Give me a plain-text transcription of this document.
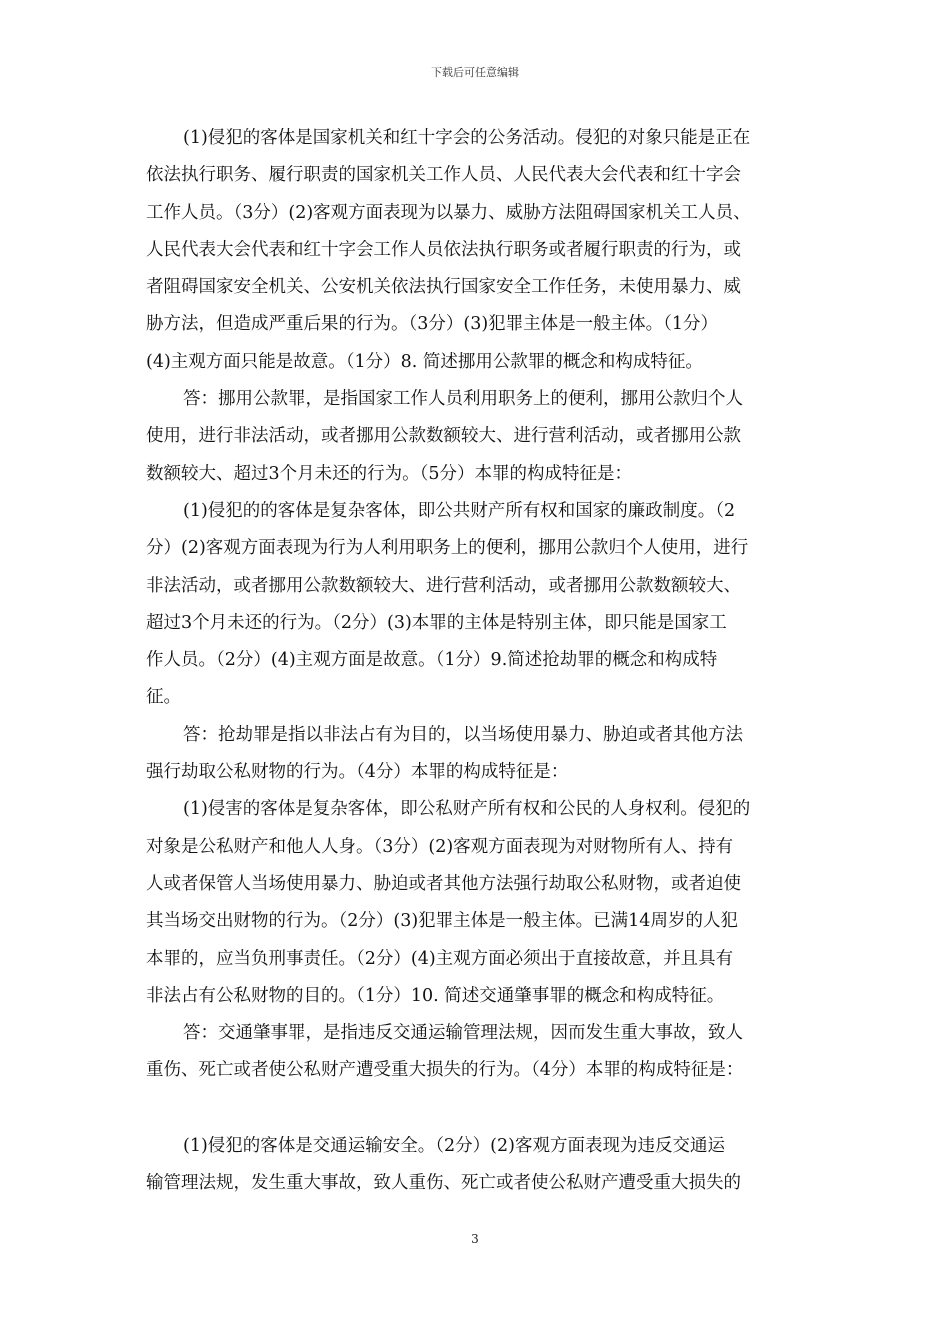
下载后可任意编辑
(1)侵犯的客体是国家机关和红十字会的公务活动。侵犯的对象只能是正在
依法执行职务、履行职责的国家机关工作人员、人民代表大会代表和红十字会
工作人员。（3分）(2)客观方面表现为以暴力、威胁方法阻碍国家机关工人员、
人民代表大会代表和红十字会工作人员依法执行职务或者履行职责的行为，或
者阻碍国家安全机关、公安机关依法执行国家安全工作任务，未使用暴力、威
胁方法，但造成严重后果的行为。（3分）(3)犯罪主体是一般主体。（1分）
(4)主观方面只能是故意。（1分）8. 简述挪用公款罪的概念和构成特征。
答：挪用公款罪，是指国家工作人员利用职务上的便利，挪用公款归个人
使用，进行非法活动，或者挪用公款数额较大、进行营利活动，或者挪用公款
数额较大、超过3个月未还的行为。（5分）本罪的构成特征是：
(1)侵犯的的客体是复杂客体，即公共财产所有权和国家的廉政制度。（2
分）(2)客观方面表现为行为人利用职务上的便利，挪用公款归个人使用，进行
非法活动，或者挪用公款数额较大、进行营利活动，或者挪用公款数额较大、
超过3个月未还的行为。（2分）(3)本罪的主体是特别主体，即只能是国家工
作人员。（2分）(4)主观方面是故意。（1分）9.简述抢劫罪的概念和构成特
征。
答：抢劫罪是指以非法占有为目的，以当场使用暴力、胁迫或者其他方法
强行劫取公私财物的行为。（4分）本罪的构成特征是：
(1)侵害的客体是复杂客体，即公私财产所有权和公民的人身权利。侵犯的
对象是公私财产和他人人身。（3分）(2)客观方面表现为对财物所有人、持有
人或者保管人当场使用暴力、胁迫或者其他方法强行劫取公私财物，或者迫使
其当场交出财物的行为。（2分）(3)犯罪主体是一般主体。已满14周岁的人犯
本罪的，应当负刑事责任。（2分）(4)主观方面必须出于直接故意，并且具有
非法占有公私财物的目的。（1分）10. 简述交通肇事罪的概念和构成特征。
答：交通肇事罪，是指违反交通运输管理法规，因而发生重大事故，致人
重伤、死亡或者使公私财产遭受重大损失的行为。（4分）本罪的构成特征是：
(1)侵犯的客体是交通运输安全。（2分）(2)客观方面表现为违反交通运
输管理法规，发生重大事故，致人重伤、死亡或者使公私财产遭受重大损失的
3
